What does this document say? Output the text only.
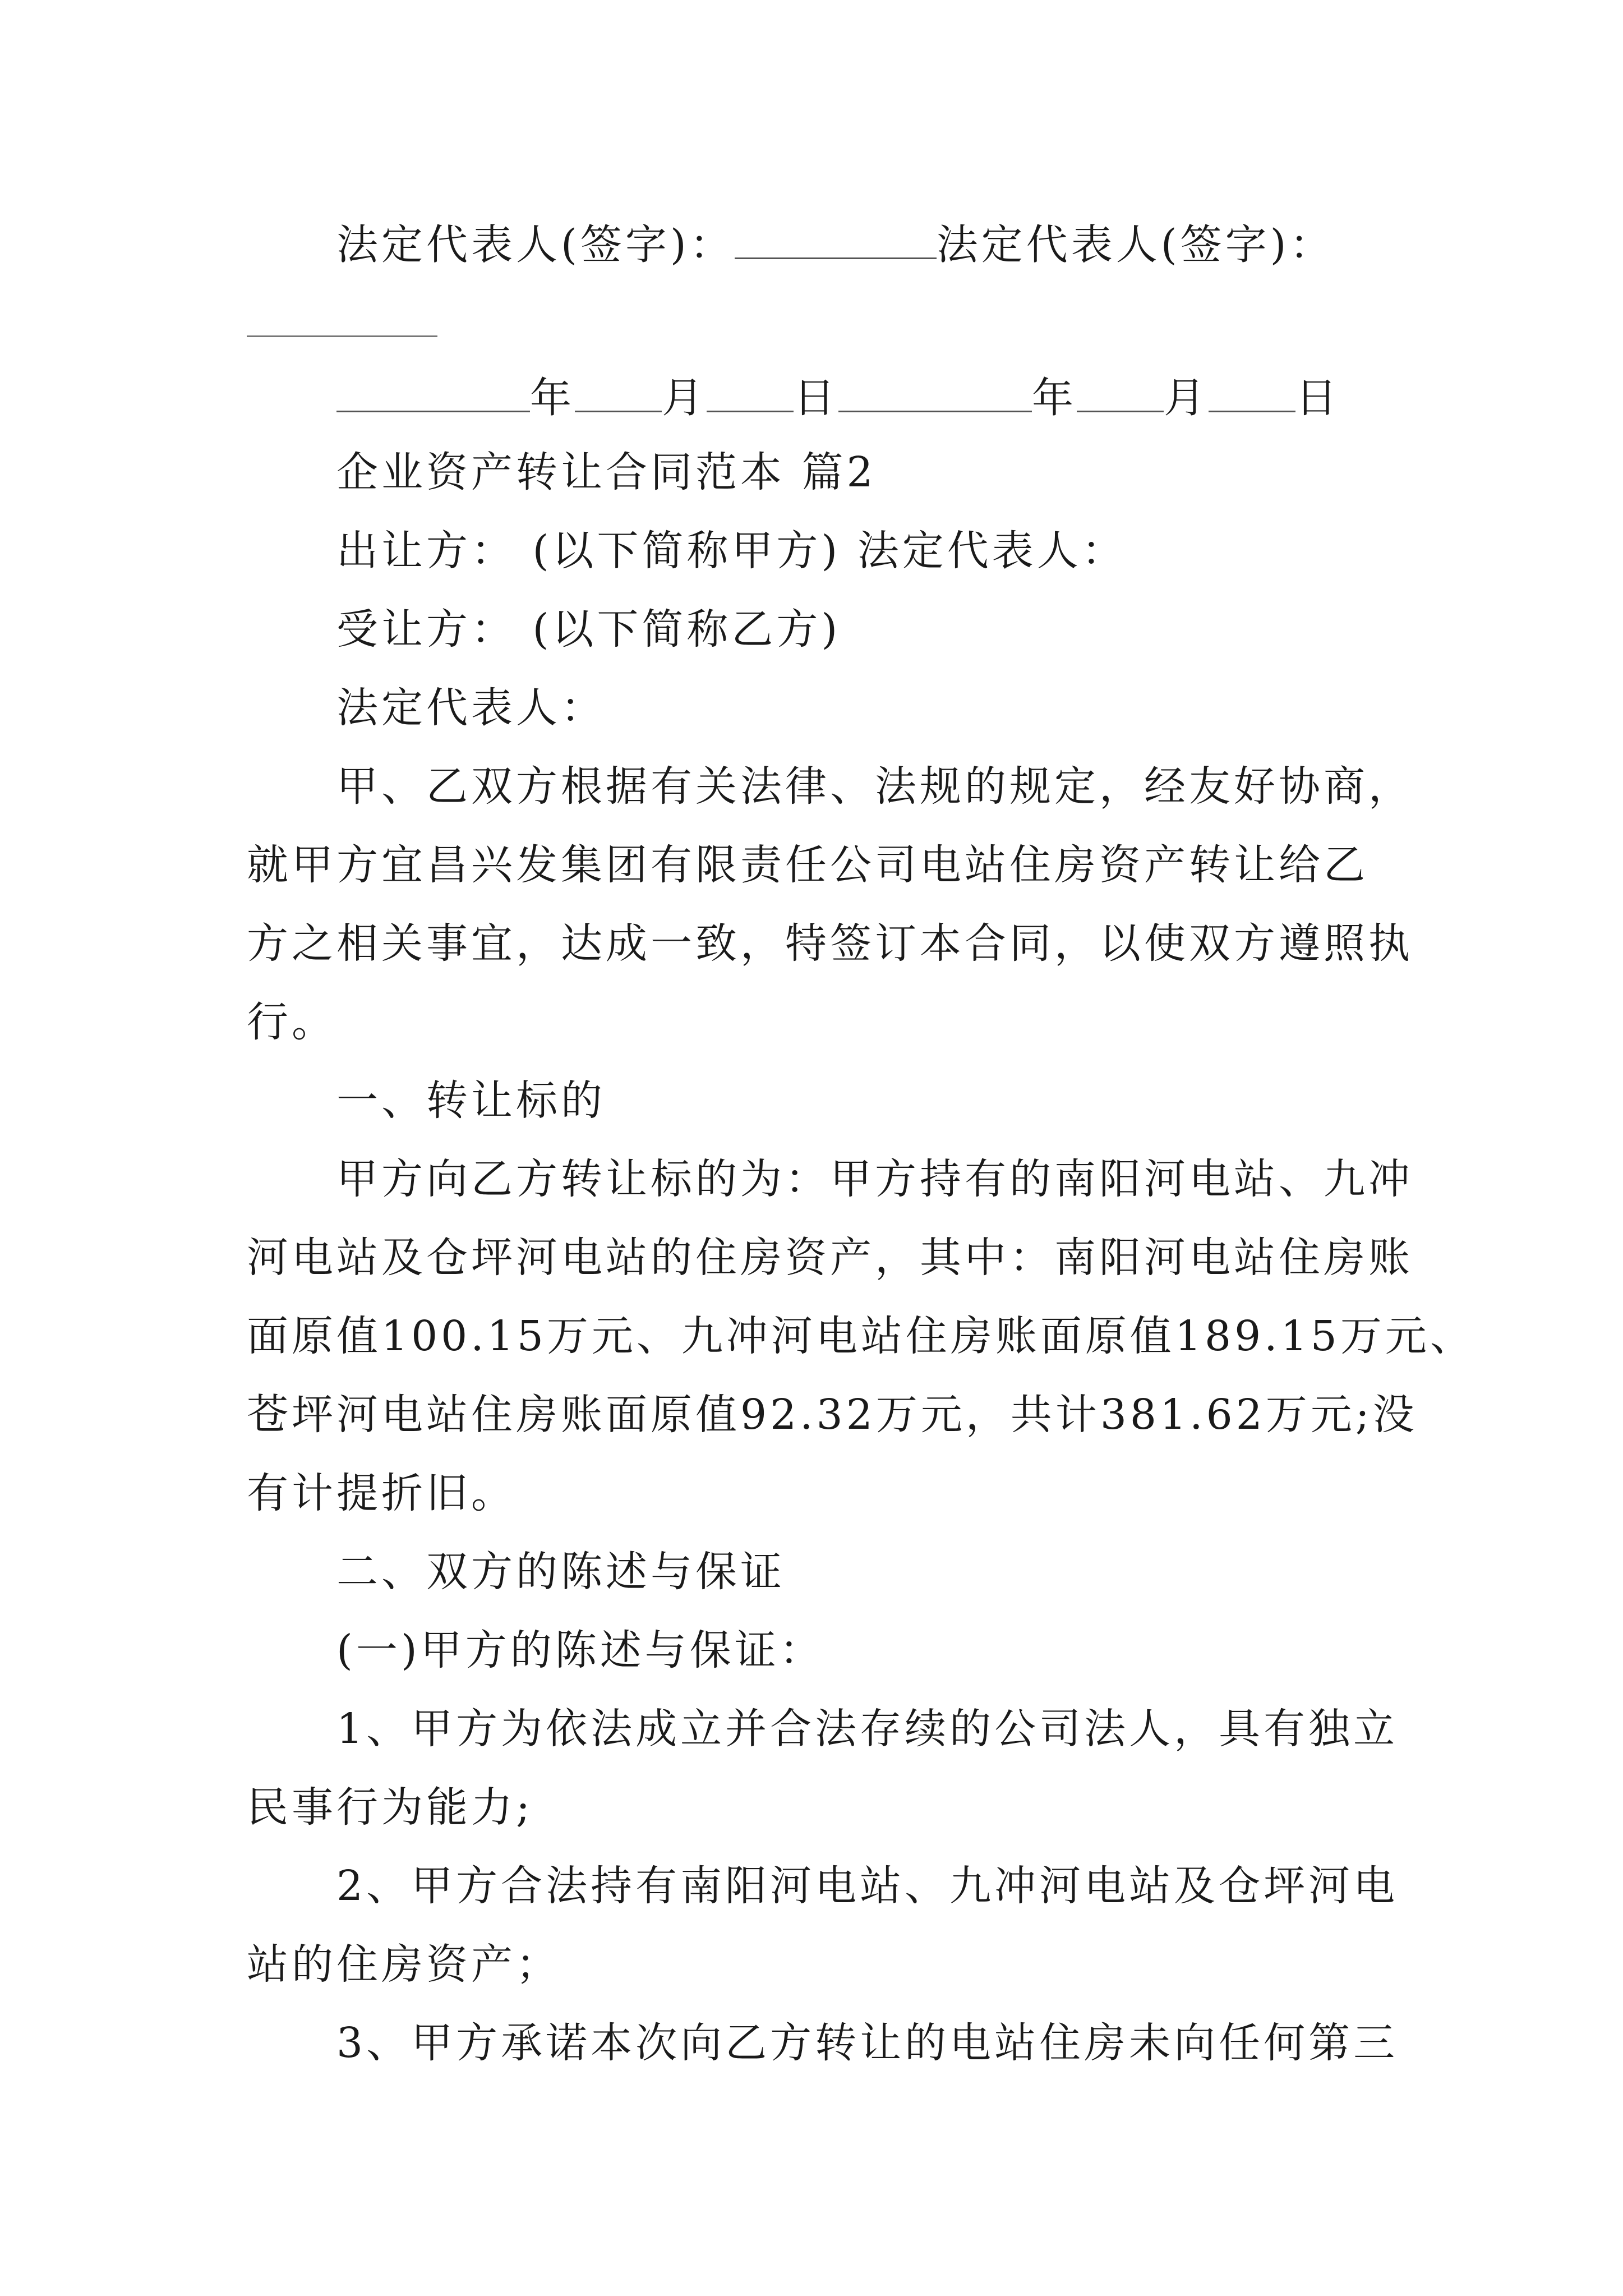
法定代表人(签字)：	法定代表人(签字)：
年 月 日	年 月 日
企业资产转让合同范本 篇2
出让方： (以下简称甲方) 法定代表人：
受让方： (以下简称乙方)
法定代表人：
甲、乙双方根据有关法律、法规的规定，经友好协商，
就甲方宜昌兴发集团有限责任公司电站住房资产转让给乙
方之相关事宜，达成一致，特签订本合同，以使双方遵照执
行。
一、转让标的
甲方向乙方转让标的为：甲方持有的南阳河电站、九冲
河电站及仓坪河电站的住房资产，其中：南阳河电站住房账
面原值100.15万元、九冲河电站住房账面原值189.15万元、
苍坪河电站住房账面原值92.32万元，共计381.62万元;没
有计提折旧。
二、双方的陈述与保证
(一)甲方的陈述与保证：
1、甲方为依法成立并合法存续的公司法人，具有独立
民事行为能力;
2、甲方合法持有南阳河电站、九冲河电站及仓坪河电
站的住房资产；
3、甲方承诺本次向乙方转让的电站住房未向任何第三
